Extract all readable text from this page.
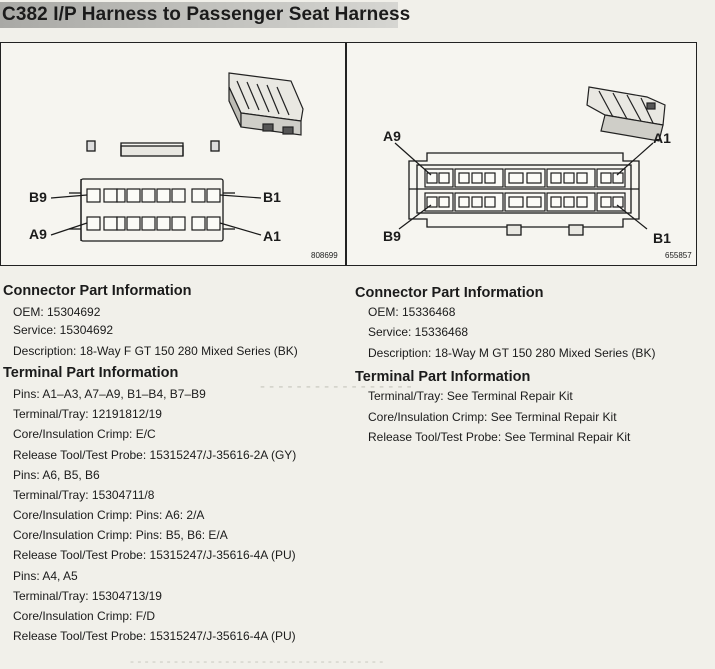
C382 I/P Harness to Passenger Seat Harness
- - - - - - - - - - - - - - - - -
- - - - - - - - - - - - - - - - - - - - - - - - - - - - - - - - - - -
B9	B1
A9	A1
808699
A9	A1
B9	B1
655857
Connector Part Information
OEM: 15304692
Service: 15304692
Description: 18-Way F GT 150 280 Mixed Series (BK)
Terminal Part Information
Pins: A1–A3, A7–A9, B1–B4, B7–B9
Terminal/Tray: 12191812/19
Core/Insulation Crimp: E/C
Release Tool/Test Probe: 15315247/J-35616-2A (GY)
Pins: A6, B5, B6
Terminal/Tray: 15304711/8
Core/Insulation Crimp: Pins: A6: 2/A
Core/Insulation Crimp: Pins: B5, B6: E/A
Release Tool/Test Probe: 15315247/J-35616-4A (PU)
Pins: A4, A5
Terminal/Tray: 15304713/19
Core/Insulation Crimp: F/D
Release Tool/Test Probe: 15315247/J-35616-4A (PU)
Connector Part Information
OEM: 15336468
Service: 15336468
Description: 18-Way M GT 150 280 Mixed Series (BK)
Terminal Part Information
Terminal/Tray: See Terminal Repair Kit
Core/Insulation Crimp: See Terminal Repair Kit
Release Tool/Test Probe: See Terminal Repair Kit
